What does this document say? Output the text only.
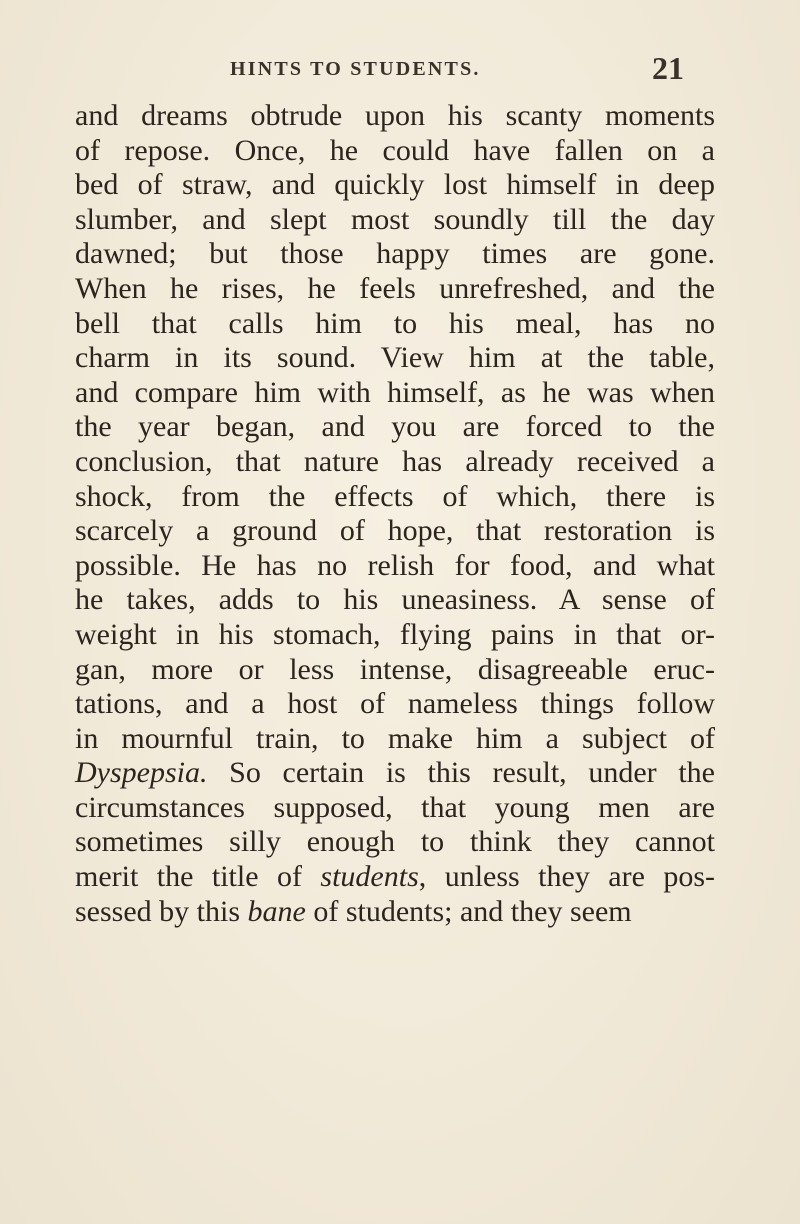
HINTS TO STUDENTS.	21
and dreams obtrude upon his scanty moments
of repose. Once, he could have fallen on a
bed of straw, and quickly lost himself in deep
slumber, and slept most soundly till the day
dawned; but those happy times are gone.
When he rises, he feels unrefreshed, and the
bell that calls him to his meal, has no
charm in its sound. View him at the table,
and compare him with himself, as he was when
the year began, and you are forced to the
conclusion, that nature has already received a
shock, from the effects of which, there is
scarcely a ground of hope, that restoration is
possible. He has no relish for food, and what
he takes, adds to his uneasiness. A sense of
weight in his stomach, flying pains in that or-
gan, more or less intense, disagreeable eruc-
tations, and a host of nameless things follow
in mournful train, to make him a subject of
Dyspepsia. So certain is this result, under the
circumstances supposed, that young men are
sometimes silly enough to think they cannot
merit the title of students, unless they are pos-
sessed by this bane of students; and they seem
